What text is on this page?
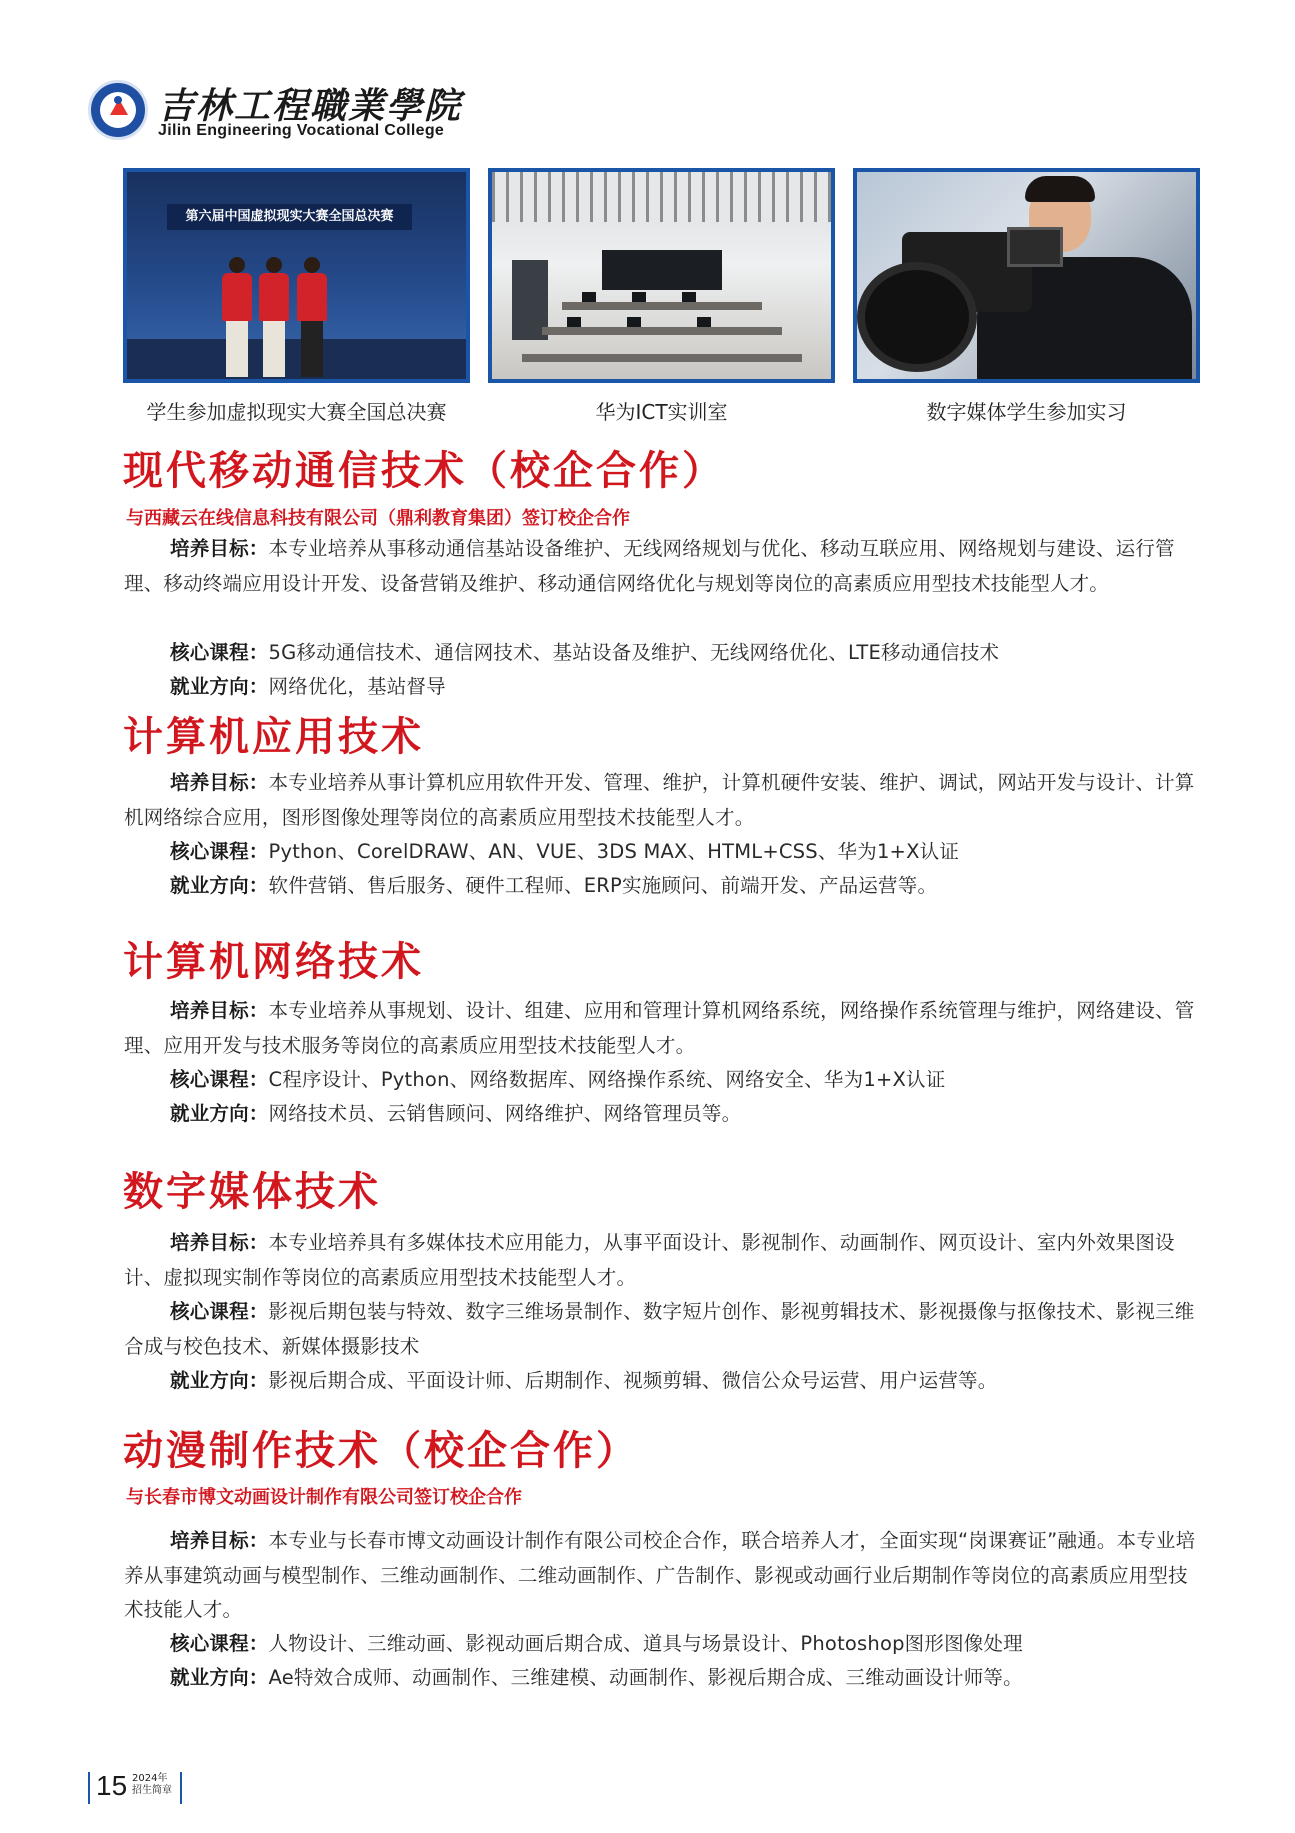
吉林工程職業學院
Jilin Engineering Vocational College
第六届中国虚拟现实大赛全国总决赛
学生参加虚拟现实大赛全国总决赛	华为ICT实训室	数字媒体学生参加实习
现代移动通信技术（校企合作）
与西藏云在线信息科技有限公司（鼎利教育集团）签订校企合作
培养目标：本专业培养从事移动通信基站设备维护、无线网络规划与优化、移动互联应用、网络规划与建设、运行管理、移动终端应用设计开发、设备营销及维护、移动通信网络优化与规划等岗位的高素质应用型技术技能型人才。
核心课程：5G移动通信技术、通信网技术、基站设备及维护、无线网络优化、LTE移动通信技术
就业方向：网络优化，基站督导
计算机应用技术
培养目标：本专业培养从事计算机应用软件开发、管理、维护，计算机硬件安装、维护、调试，网站开发与设计、计算机网络综合应用，图形图像处理等岗位的高素质应用型技术技能型人才。
核心课程：Python、CorelDRAW、AN、VUE、3DS MAX、HTML+CSS、华为1+X认证
就业方向：软件营销、售后服务、硬件工程师、ERP实施顾问、前端开发、产品运营等。
计算机网络技术
培养目标：本专业培养从事规划、设计、组建、应用和管理计算机网络系统，网络操作系统管理与维护，网络建设、管理、应用开发与技术服务等岗位的高素质应用型技术技能型人才。
核心课程：C程序设计、Python、网络数据库、网络操作系统、网络安全、华为1+X认证
就业方向：网络技术员、云销售顾问、网络维护、网络管理员等。
数字媒体技术
培养目标：本专业培养具有多媒体技术应用能力，从事平面设计、影视制作、动画制作、网页设计、室内外效果图设计、虚拟现实制作等岗位的高素质应用型技术技能型人才。
核心课程：影视后期包装与特效、数字三维场景制作、数字短片创作、影视剪辑技术、影视摄像与抠像技术、影视三维合成与校色技术、新媒体摄影技术
就业方向：影视后期合成、平面设计师、后期制作、视频剪辑、微信公众号运营、用户运营等。
动漫制作技术（校企合作）
与长春市博文动画设计制作有限公司签订校企合作
培养目标：本专业与长春市博文动画设计制作有限公司校企合作，联合培养人才，全面实现“岗课赛证”融通。本专业培养从事建筑动画与模型制作、三维动画制作、二维动画制作、广告制作、影视或动画行业后期制作等岗位的高素质应用型技术技能人才。
核心课程：人物设计、三维动画、影视动画后期合成、道具与场景设计、Photoshop图形图像处理
就业方向：Ae特效合成师、动画制作、三维建模、动画制作、影视后期合成、三维动画设计师等。
15 2024年
招生简章
